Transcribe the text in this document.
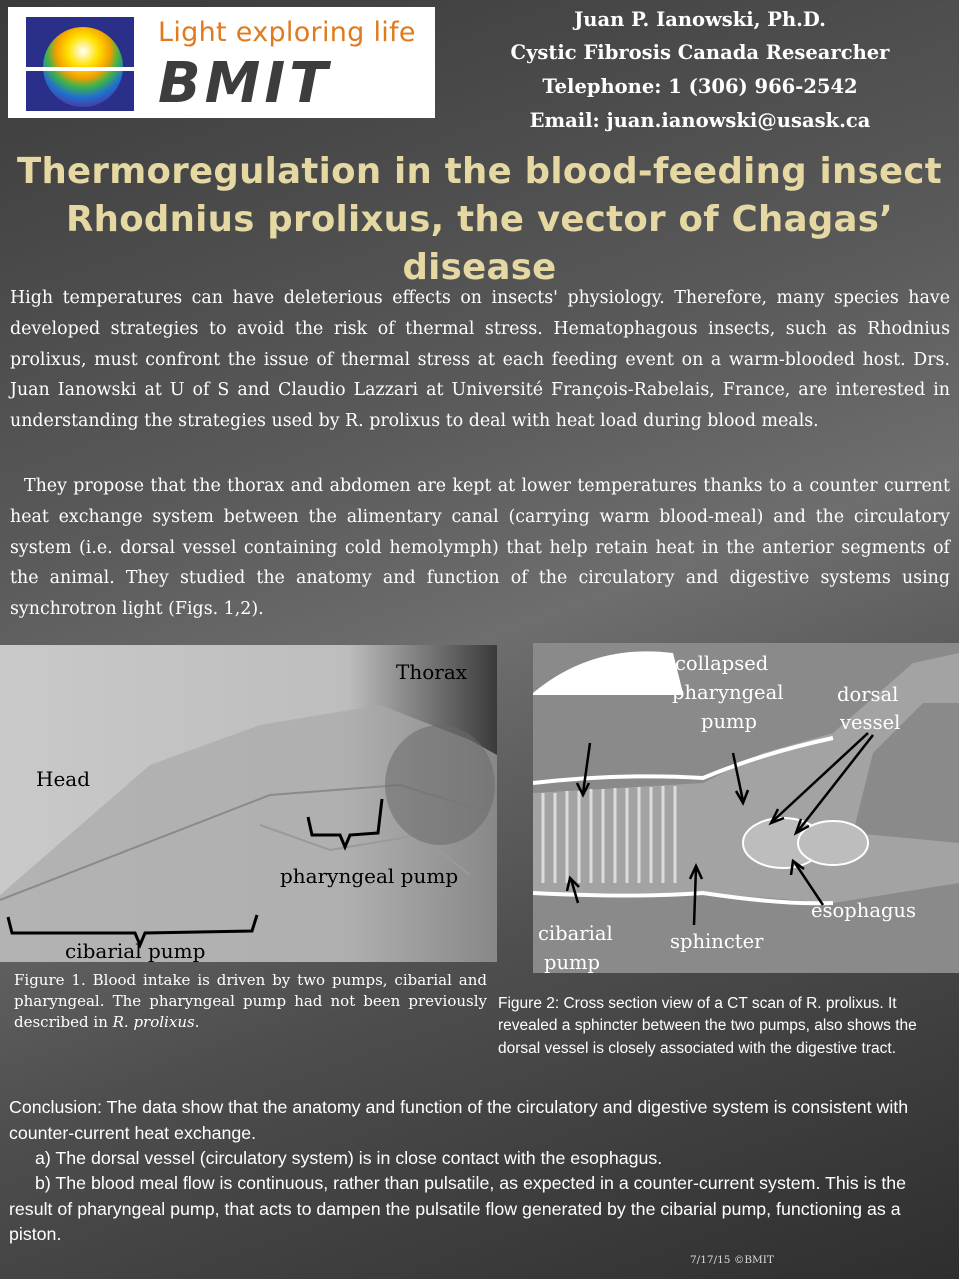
Light exploring life
BMIT
Juan P. Ianowski, Ph.D.
Cystic Fibrosis Canada Researcher
Telephone: 1 (306) 966-2542
Email: juan.ianowski@usask.ca
Thermoregulation in the blood-feeding insect
Rhodnius prolixus, the vector of Chagas’
disease
High temperatures can have deleterious effects on insects' physiology. Therefore, many species have developed strategies to avoid the risk of thermal stress. Hematophagous insects, such as Rhodnius prolixus, must confront the issue of thermal stress at each feeding event on a warm-blooded host. Drs. Juan Ianowski at U of S and Claudio Lazzari at Université François-Rabelais, France, are interested in understanding the strategies used by R. prolixus to deal with heat load during blood meals.
They propose that the thorax and abdomen are kept at lower temperatures thanks to a counter current heat exchange system between the alimentary canal (carrying warm blood-meal) and the circulatory system (i.e. dorsal vessel containing cold hemolymph) that help retain heat in the anterior segments of the animal. They studied the anatomy and function of the circulatory and digestive systems using synchrotron light (Figs. 1,2).
Thorax
Head
pharyngeal pump
cibarial pump
Figure 1. Blood intake is driven by two pumps, cibarial and pharyngeal. The pharyngeal pump had not been previously described in R. prolixus.
collapsed
pharyngeal
pump
dorsal
vessel
cibarial
pump
sphincter
esophagus
Figure 2: Cross section view of a CT scan of R. prolixus. It revealed a sphincter between the two pumps, also shows the dorsal vessel is closely associated with the digestive tract.
Conclusion: The data show that the anatomy and function of the circulatory and digestive system is consistent with counter-current heat exchange.
a) The dorsal vessel (circulatory system) is in close contact with the esophagus.
b) The blood meal flow is continuous, rather than pulsatile, as expected in a counter-current system. This is the result of pharyngeal pump, that acts to dampen the pulsatile flow generated by the cibarial pump, functioning as a piston.
7/17/15 ©BMIT
